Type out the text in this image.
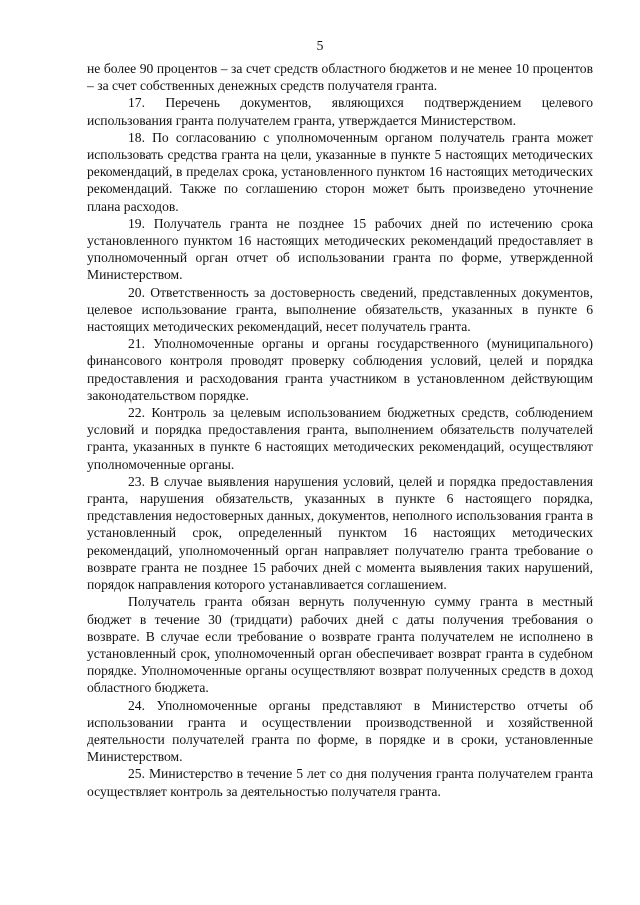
5

не более 90 процентов – за счет средств областного бюджетов и не менее 10 процентов – за счет собственных денежных средств получателя гранта.

17. Перечень документов, являющихся подтверждением целевого использования гранта получателем гранта, утверждается Министерством.

18. По согласованию с уполномоченным органом получатель гранта может использовать средства гранта на цели, указанные в пункте 5 настоящих методических рекомендаций, в пределах срока, установленного пунктом 16 настоящих методических рекомендаций. Также по соглашению сторон может быть произведено уточнение плана расходов.

19. Получатель гранта не позднее 15 рабочих дней по истечению срока установленного пунктом 16 настоящих методических рекомендаций предоставляет в уполномоченный орган отчет об использовании гранта по форме, утвержденной Министерством.

20. Ответственность за достоверность сведений, представленных документов, целевое использование гранта, выполнение обязательств, указанных в пункте 6 настоящих методических рекомендаций, несет получатель гранта.

21. Уполномоченные органы и органы государственного (муниципального) финансового контроля проводят проверку соблюдения условий, целей и порядка предоставления и расходования гранта участником в установленном действующим законодательством порядке.

22. Контроль за целевым использованием бюджетных средств, соблюдением условий и порядка предоставления гранта, выполнением обязательств получателей гранта, указанных в пункте 6 настоящих методических рекомендаций, осуществляют уполномоченные органы.

23. В случае выявления нарушения условий, целей и порядка предоставления гранта, нарушения обязательств, указанных в пункте 6 настоящего порядка, представления недостоверных данных, документов, неполного использования гранта в установленный срок, определенный пунктом 16 настоящих методических рекомендаций, уполномоченный орган направляет получателю гранта требование о возврате гранта не позднее 15 рабочих дней с момента выявления таких нарушений, порядок направления которого устанавливается соглашением.

Получатель гранта обязан вернуть полученную сумму гранта в местный бюджет в течение 30 (тридцати) рабочих дней с даты получения требования о возврате. В случае если требование о возврате гранта получателем не исполнено в установленный срок, уполномоченный орган обеспечивает возврат гранта в судебном порядке. Уполномоченные органы осуществляют возврат полученных средств в доход областного бюджета.

24. Уполномоченные органы представляют в Министерство отчеты об использовании гранта и осуществлении производственной и хозяйственной деятельности получателей гранта по форме, в порядке и в сроки, установленные Министерством.

25. Министерство в течение 5 лет со дня получения гранта получателем гранта осуществляет контроль за деятельностью получателя гранта.
